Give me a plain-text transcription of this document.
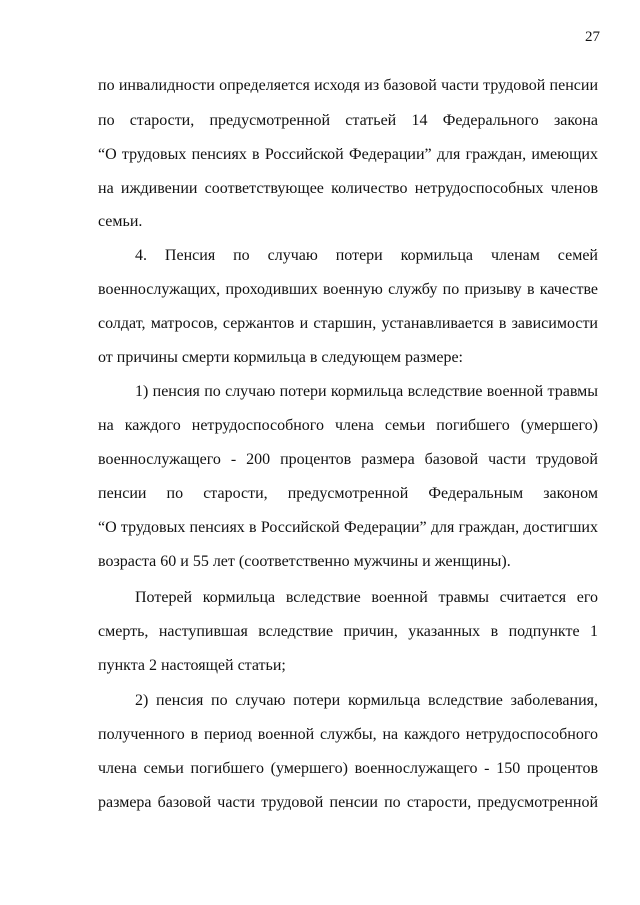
27
по инвалидности определяется исходя из базовой части трудовой пенсии
по старости, предусмотренной статьей 14 Федерального закона
“О трудовых пенсиях в Российской Федерации” для граждан, имеющих
на иждивении соответствующее количество нетрудоспособных членов
семьи.
4. Пенсия по случаю потери кормильца членам семей
военнослужащих, проходивших военную службу по призыву в качестве
солдат, матросов, сержантов и старшин, устанавливается в зависимости
от причины смерти кормильца в следующем размере:
1) пенсия по случаю потери кормильца вследствие военной травмы
на каждого нетрудоспособного члена семьи погибшего (умершего)
военнослужащего - 200 процентов размера базовой части трудовой
пенсии по старости, предусмотренной Федеральным законом
“О трудовых пенсиях в Российской Федерации” для граждан, достигших
возраста 60 и 55 лет (соответственно мужчины и женщины).
Потерей кормильца вследствие военной травмы считается его
смерть, наступившая вследствие причин, указанных в подпункте 1
пункта 2 настоящей статьи;
2) пенсия по случаю потери кормильца вследствие заболевания,
полученного в период военной службы, на каждого нетрудоспособного
члена семьи погибшего (умершего) военнослужащего - 150 процентов
размера базовой части трудовой пенсии по старости, предусмотренной
